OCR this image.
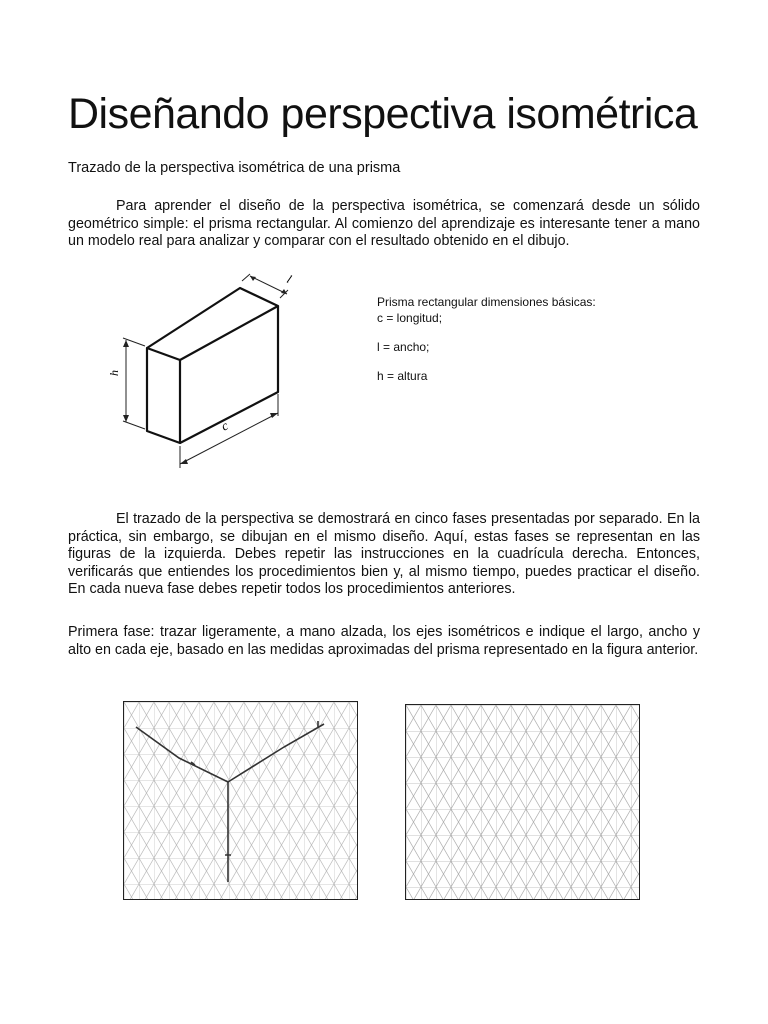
Diseñando perspectiva isométrica

Trazado de la perspectiva isométrica de una prisma

Para aprender el diseño de la perspectiva isométrica, se comenzará desde un sólido geométrico simple: el prisma rectangular. Al comienzo del aprendizaje es interesante tener a mano un modelo real para analizar y comparar con el resultado obtenido en el dibujo.

l
h
c
Prisma rectangular dimensiones básicas:
c = longitud;
l = ancho;
h = altura

El trazado de la perspectiva se demostrará en cinco fases presentadas por separado. En la práctica, sin embargo, se dibujan en el mismo diseño. Aquí, estas fases se representan en las figuras de la izquierda. Debes repetir las instrucciones en la cuadrícula derecha. Entonces, verificarás que entiendes los procedimientos bien y, al mismo tiempo, puedes practicar el diseño. En cada nueva fase debes repetir todos los procedimientos anteriores.

Primera fase: trazar ligeramente, a mano alzada, los ejes isométricos e indique el largo, ancho y alto en cada eje, basado en las medidas aproximadas del prisma representado en la figura anterior.
